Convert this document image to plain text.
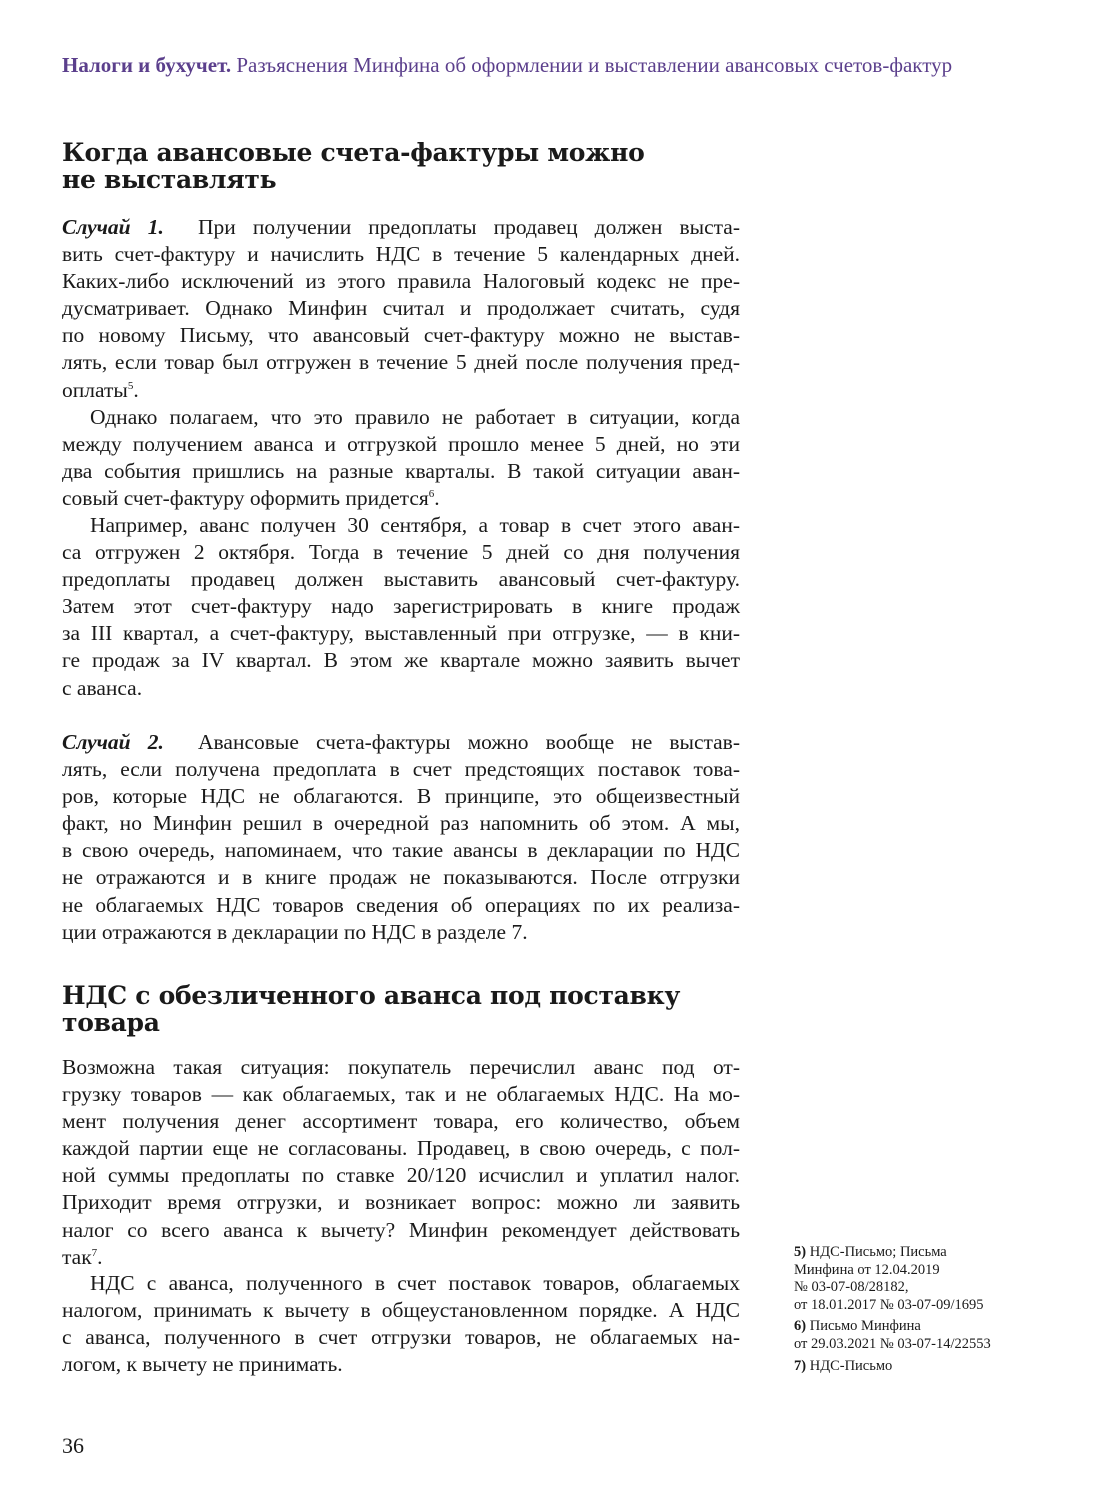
Налоги и бухучет. Разъяснения Минфина об оформлении и выставлении авансовых счетов-фактур
Когда авансовые счета-фактуры можно
не выставлять
Случай 1. При получении предоплаты продавец должен выста-
вить счет-фактуру и начислить НДС в течение 5 календарных дней.
Каких-либо исключений из этого правила Налоговый кодекс не пре-
дусматривает. Однако Минфин считал и продолжает считать, судя
по новому Письму, что авансовый счет-фактуру можно не выстав-
лять, если товар был отгружен в течение 5 дней после получения пред-
оплаты$^5$.
Однако полагаем, что это правило не работает в ситуации, когда
между получением аванса и отгрузкой прошло менее 5 дней, но эти
два события пришлись на разные кварталы. В такой ситуации аван-
совый счет-фактуру оформить придется$^6$.
Например, аванс получен 30 сентября, а товар в счет этого аван-
са отгружен 2 октября. Тогда в течение 5 дней со дня получения
предоплаты продавец должен выставить авансовый счет-фактуру.
Затем этот счет-фактуру надо зарегистрировать в книге продаж
за III квартал, а счет-фактуру, выставленный при отгрузке, — в кни-
ге продаж за IV квартал. В этом же квартале можно заявить вычет
с аванса.
Случай 2. Авансовые счета-фактуры можно вообще не выстав-
лять, если получена предоплата в счет предстоящих поставок това-
ров, которые НДС не облагаются. В принципе, это общеизвестный
факт, но Минфин решил в очередной раз напомнить об этом. А мы,
в свою очередь, напоминаем, что такие авансы в декларации по НДС
не отражаются и в книге продаж не показываются. После отгрузки
не облагаемых НДС товаров сведения об операциях по их реализа-
ции отражаются в декларации по НДС в разделе 7.
НДС с обезличенного аванса под поставку
товара
Возможна такая ситуация: покупатель перечислил аванс под от-
грузку товаров — как облагаемых, так и не облагаемых НДС. На мо-
мент получения денег ассортимент товара, его количество, объем
каждой партии еще не согласованы. Продавец, в свою очередь, с пол-
ной суммы предоплаты по ставке 20/120 исчислил и уплатил налог.
Приходит время отгрузки, и возникает вопрос: можно ли заявить
налог со всего аванса к вычету? Минфин рекомендует действовать
так$^7$.
НДС с аванса, полученного в счет поставок товаров, облагаемых
налогом, принимать к вычету в общеустановленном порядке. А НДС
с аванса, полученного в счет отгрузки товаров, не облагаемых на-
логом, к вычету не принимать.
5) НДС-Письмо; Письма
Минфина от 12.04.2019
№ 03-07-08/28182,
от 18.01.2017 № 03-07-09/1695
6) Письмо Минфина
от 29.03.2021 № 03-07-14/22553
7) НДС-Письмо
36
